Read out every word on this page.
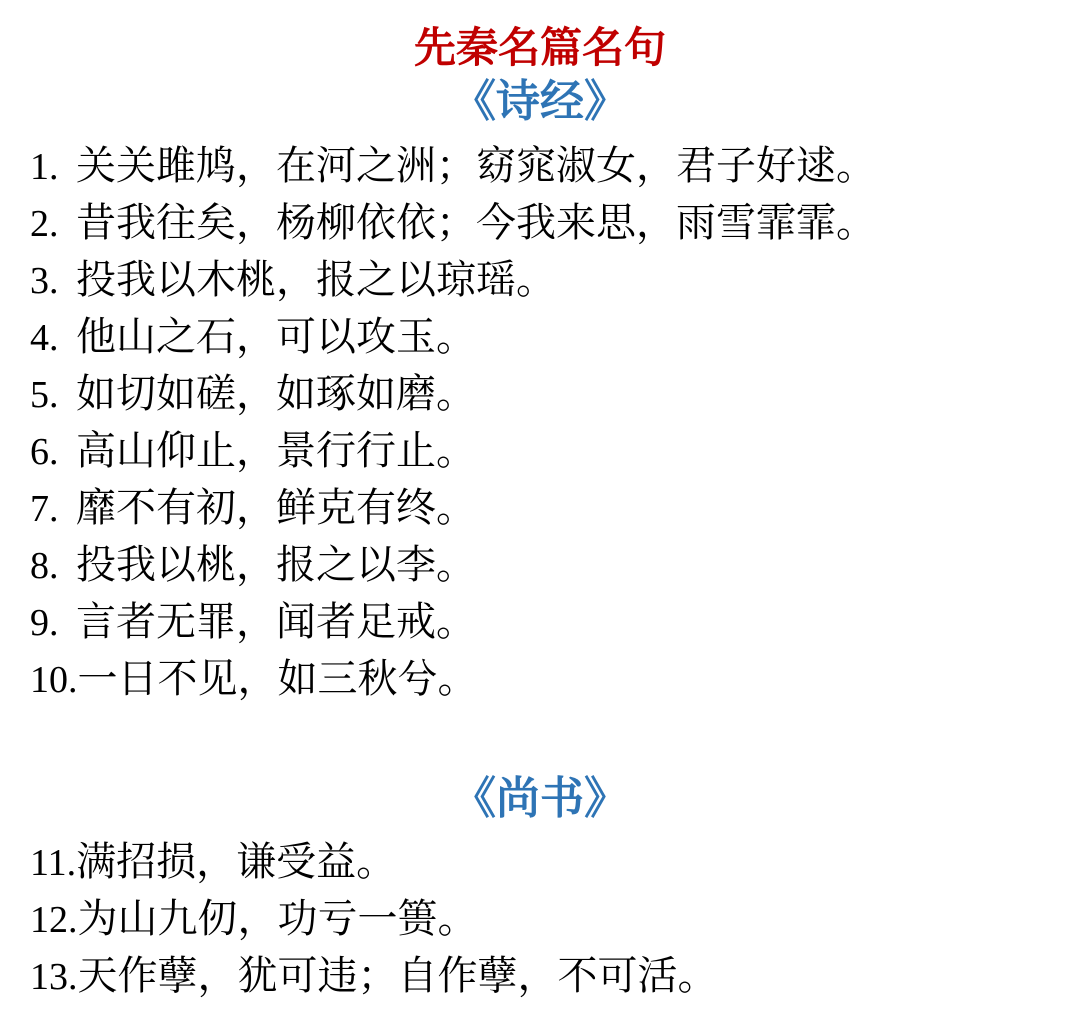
先秦名篇名句
《诗经》
1. 关关雎鸠，在河之洲；窈窕淑女，君子好逑。
2. 昔我往矣，杨柳依依；今我来思，雨雪霏霏。
3. 投我以木桃，报之以琼瑶。
4. 他山之石，可以攻玉。
5. 如切如磋，如琢如磨。
6. 高山仰止，景行行止。
7. 靡不有初，鲜克有终。
8. 投我以桃，报之以李。
9. 言者无罪，闻者足戒。
10. 一日不见，如三秋兮。
《尚书》
11. 满招损，谦受益。
12. 为山九仞，功亏一篑。
13. 天作孽，犹可违；自作孽，不可活。
